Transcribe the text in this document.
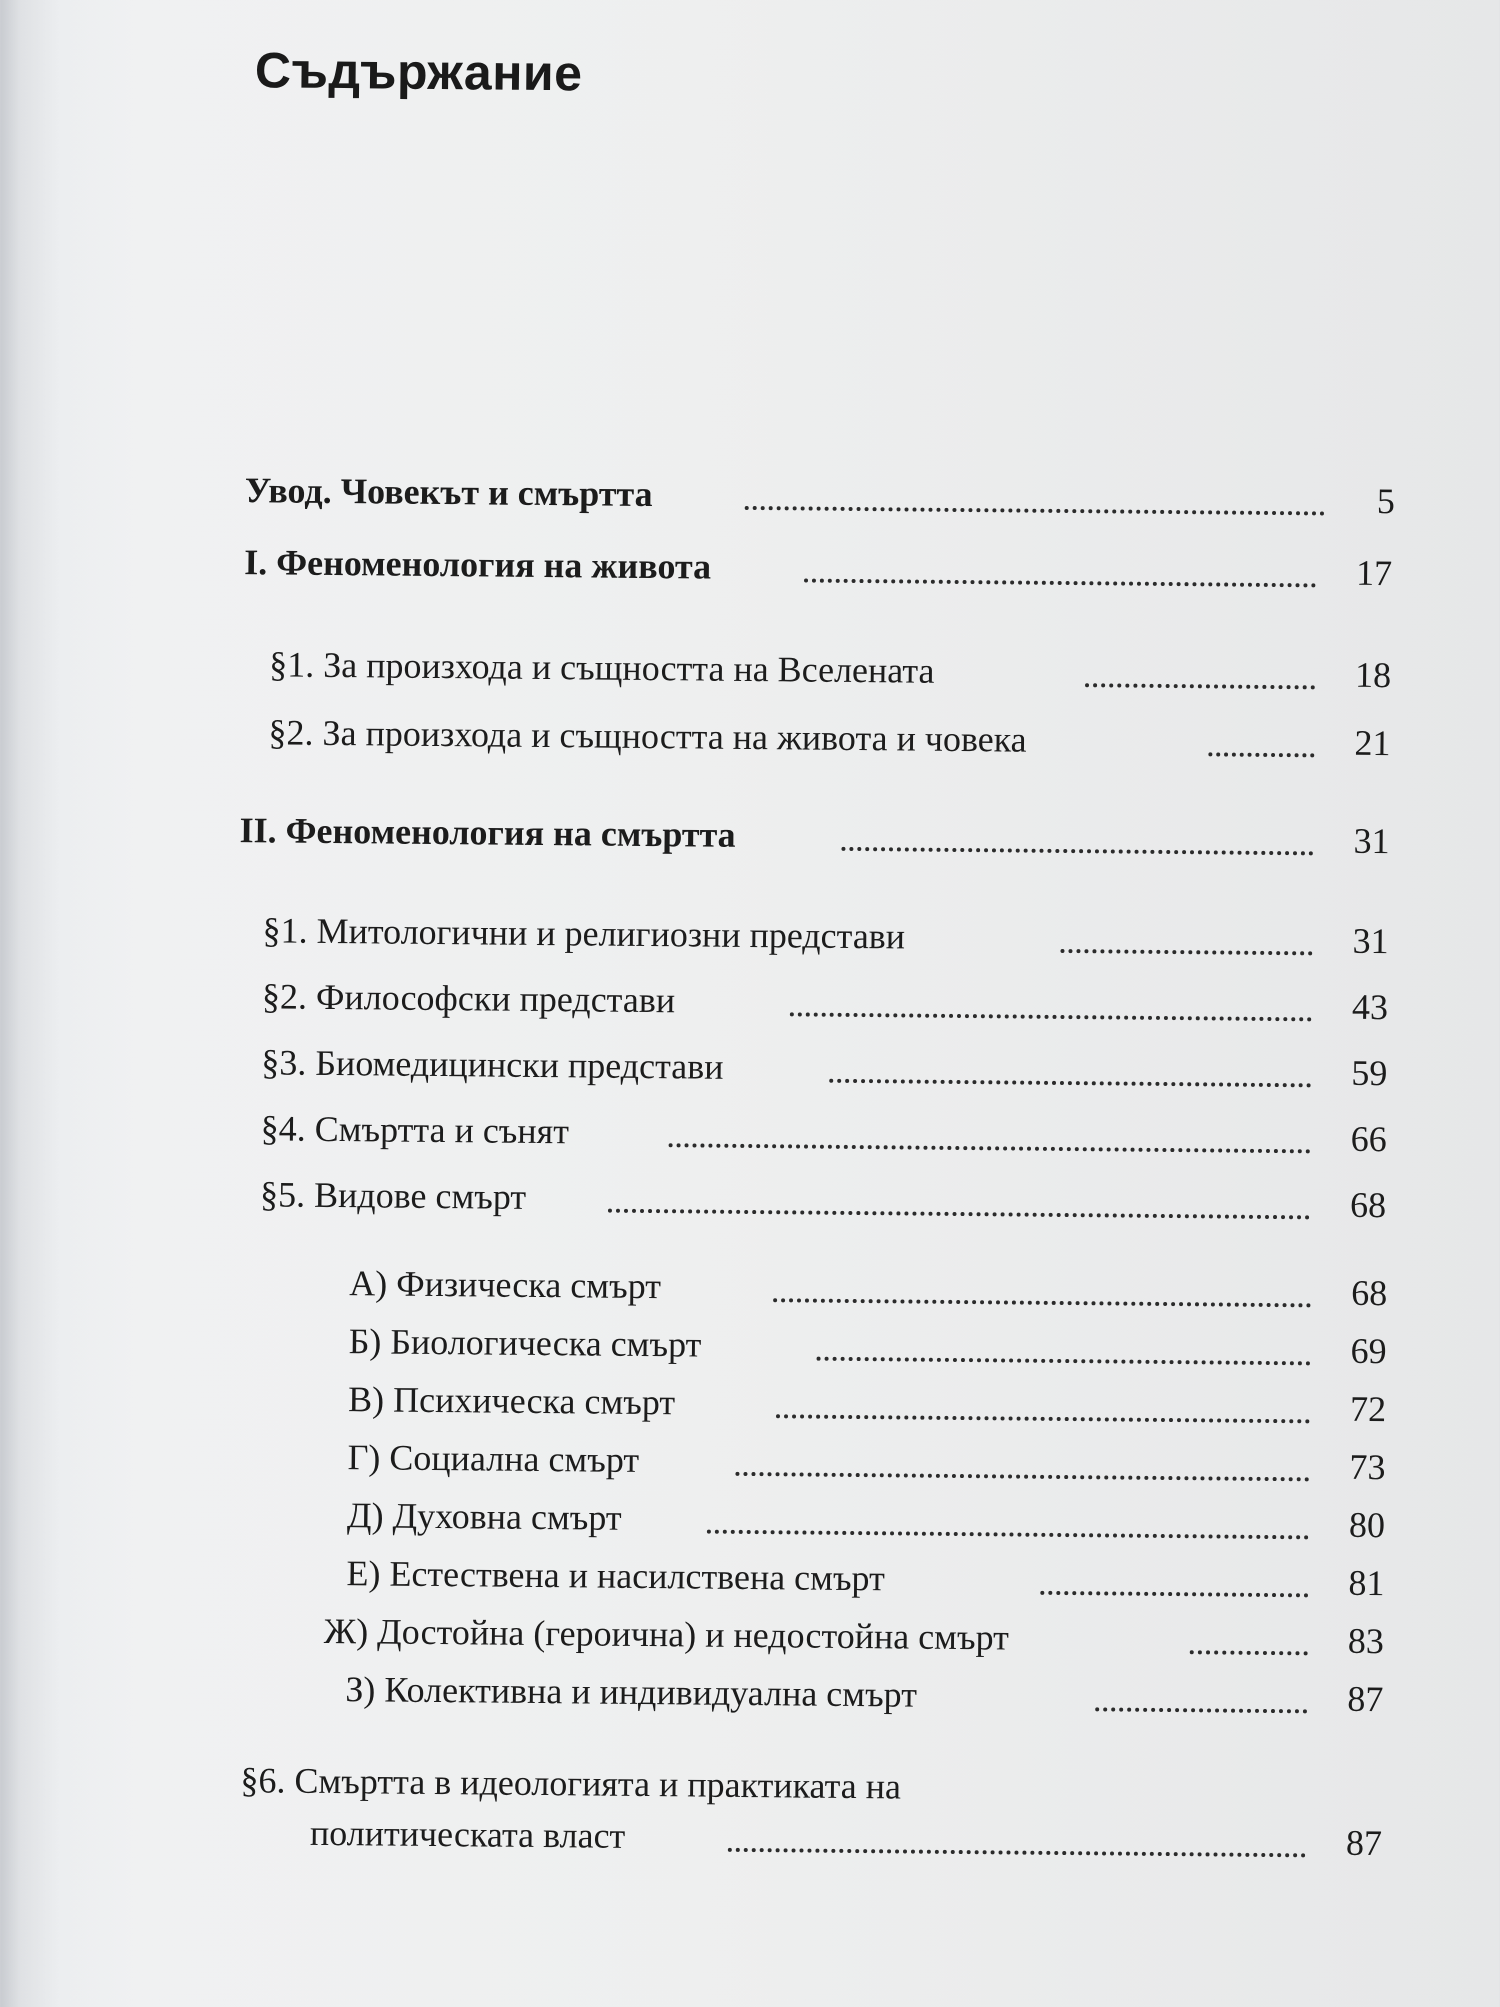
Съдържание
Увод. Човекът и смъртта	5
I. Феноменология на живота	17
§1. За произхода и същността на Вселената	18
§2. За произхода и същността на живота и човека	21
II. Феноменология на смъртта	31
§1. Митологични и религиозни представи	31
§2. Философски представи	43
§3. Биомедицински представи	59
§4. Смъртта и сънят	66
§5. Видове смърт	68
А) Физическа смърт	68
Б) Биологическа смърт	69
В) Психическа смърт	72
Г) Социална смърт	73
Д) Духовна смърт	80
Е) Естествена и насилствена смърт	81
Ж) Достойна (героична) и недостойна смърт	83
З) Колективна и индивидуална смърт	87
§6. Смъртта в идеологията и практиката на
политическата власт	87
